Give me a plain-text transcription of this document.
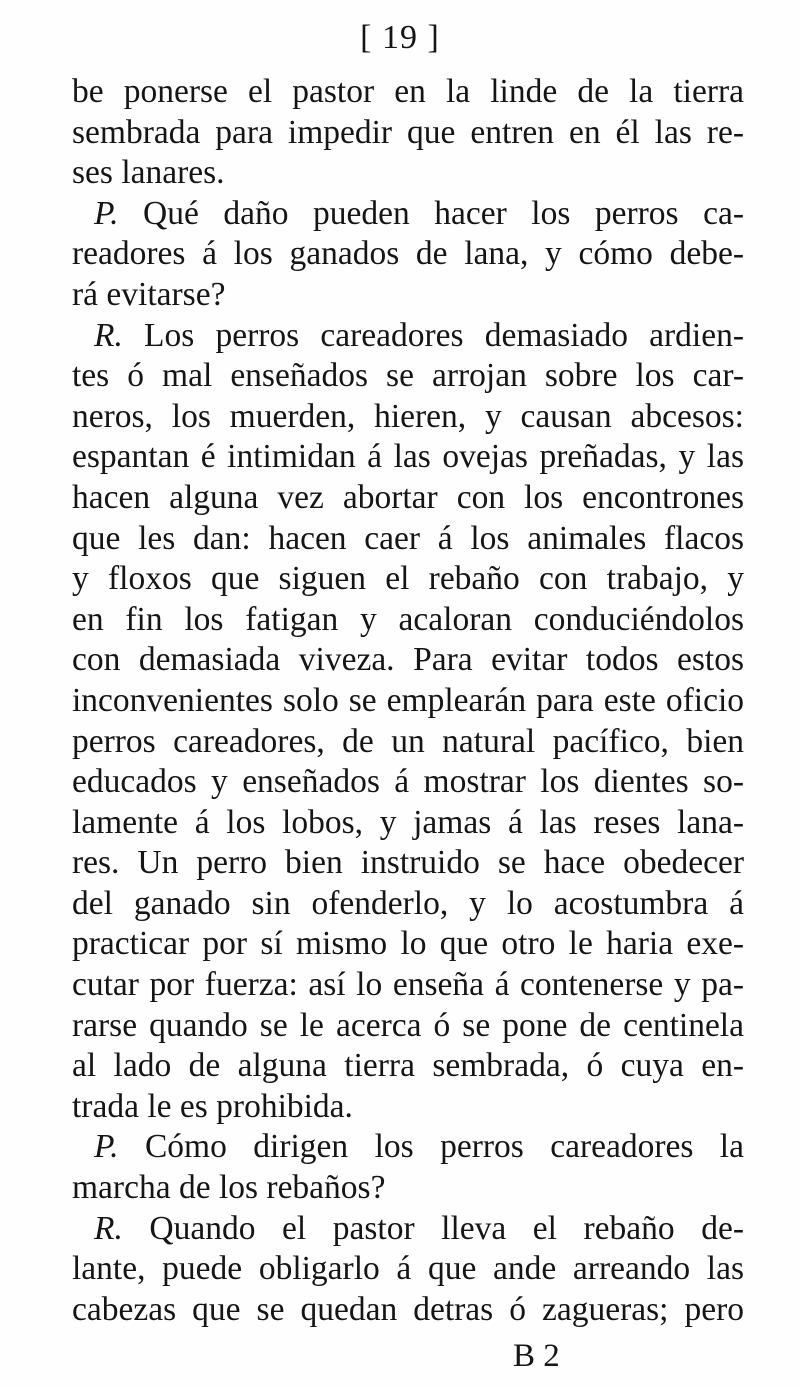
[ 19 ]
be ponerse el pastor en la linde de la tierra
sembrada para impedir que entren en él las re-
ses lanares.
P. Qué daño pueden hacer los perros ca-
readores á los ganados de lana, y cómo debe-
rá evitarse?
R. Los perros careadores demasiado ardien-
tes ó mal enseñados se arrojan sobre los car-
neros, los muerden, hieren, y causan abcesos:
espantan é intimidan á las ovejas preñadas, y las
hacen alguna vez abortar con los encontrones
que les dan: hacen caer á los animales flacos
y floxos que siguen el rebaño con trabajo, y
en fin los fatigan y acaloran conduciéndolos
con demasiada viveza. Para evitar todos estos
inconvenientes solo se emplearán para este oficio
perros careadores, de un natural pacífico, bien
educados y enseñados á mostrar los dientes so-
lamente á los lobos, y jamas á las reses lana-
res. Un perro bien instruido se hace obedecer
del ganado sin ofenderlo, y lo acostumbra á
practicar por sí mismo lo que otro le haria exe-
cutar por fuerza: así lo enseña á contenerse y pa-
rarse quando se le acerca ó se pone de centinela
al lado de alguna tierra sembrada, ó cuya en-
trada le es prohibida.
P. Cómo dirigen los perros careadores la
marcha de los rebaños?
R. Quando el pastor lleva el rebaño de-
lante, puede obligarlo á que ande arreando las
cabezas que se quedan detras ó zagueras; pero
B 2
